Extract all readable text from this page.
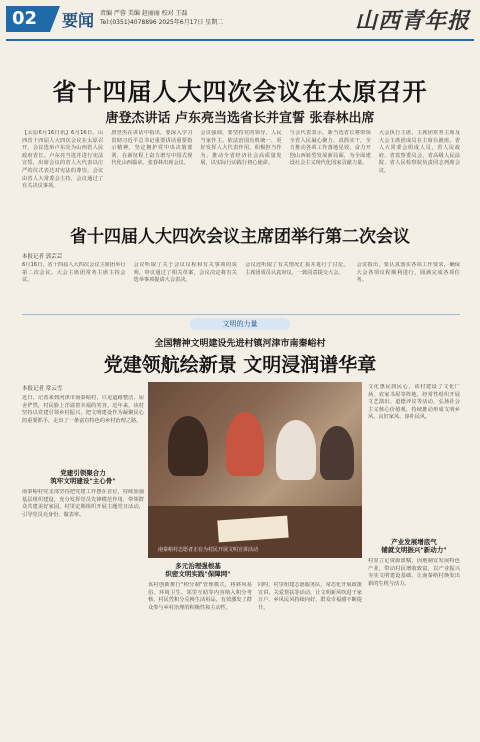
02	要闻 责编 严蓉 美编 赵丽丽 校对 王磊
Tel:(0351)4078896 2025年6月17日 星期二	山西青年报
省十四届人大四次会议在太原召开
唐登杰讲话 卢东亮当选省长并宣誓 张春林出席
【太原6月16日讯】6月16日，山西省十四届人大四次会议在太原召开。会议选举卢东亮为山西省人民政府省长。卢东亮当选并进行宪法宣誓，出席会议的省人大代表以庄严的仪式表达对宪法的尊崇。会议由省人大常委会主持，会议通过了有关决议事项。
唐登杰在讲话中指出，要深入学习贯彻习近平总书记重要讲话重要指示精神，坚定拥护党中央决策部署，在新征程上奋力谱写中国式现代化山西篇章。张春林出席会议。
会议强调，要坚持党的领导、人民当家作主、依法治国有机统一，更好发挥人大代表作用，积极担当作为，推动全省经济社会高质量发展，以实际行动践行初心使命。
与会代表表示，新当选省长将带领全省人民凝心聚力、真抓实干，全力推动各项工作落地见效，奋力开创山西转型发展新局面，为全面建设社会主义现代化国家贡献力量。
大会执行主席、主席团常务主席及大会主席团成员在主席台就座。省人大常委会组成人员，省人民政府、省监察委员会、省高级人民法院、省人民检察院负责同志列席会议。
省十四届人大四次会议主席团举行第二次会议
本报记者 郭芸芸
6月16日，省十四届人大四次会议主席团举行第二次会议。大会主席团常务主席主持会议。
会议听取了关于会议议程和有关事项的说明，审议通过了相关草案，会议决定将有关选举事项提请大会表决。
会议还听取了有关情况汇报并进行了讨论，主席团成员认真审议，一致同意提交大会。
会议指出，要认真落实各项工作要求，确保大会各项议程顺利进行，圆满完成各项任务。
文明的力量
全国精神文明建设先进村镇河津市南秦峪村
党建领航绘新景 文明浸润谱华章
本报记者 常云雪
近日，记者来到河津市南秦峪村，只见道路整洁、屋舍俨然，村民脸上洋溢着幸福的笑容。近年来，该村坚持以党建引领乡村振兴，把文明建设作为凝聚民心的重要抓手，走出了一条富有特色的乡村治理之路。
党建引领聚合力
筑牢文明建设"主心骨"
南秦峪村党支部坚持把党建工作摆在首位，持续加强基层组织建设，充分发挥党员先锋模范作用，带领群众共建美好家园。村里定期组织开展主题党日活动，引导党员亮身份、做表率。
南秦峪村志愿者正在为村民开展文明宣讲活动
多元治理强根基
织密文明实践"保障网"
该村创新推行"积分制"管理模式，将移风易俗、环境卫生、邻里互助等内容纳入积分考核，村民凭积分兑换生活用品，有效激发了群众参与乡村治理的积极性和主动性。
同时，村里组建志愿服务队，常态化开展政策宣讲、关爱帮扶等活动，让文明新风吹进千家万户，乡风民风持续向好，群众幸福感不断提升。
文化惠民润民心，该村建设了文化广场、农家书屋等阵地，经常性组织开展文艺演出、道德评议等活动，弘扬社会主义核心价值观，持续推动形成文明乡风、良好家风、淳朴民风。
产业发展增底气
铺就文明振兴"新动力"
村里立足资源禀赋，因地制宜发展特色产业，带动村民增收致富，以产业振兴夯实文明建设基础，让南秦峪村焕发出新的生机与活力。
